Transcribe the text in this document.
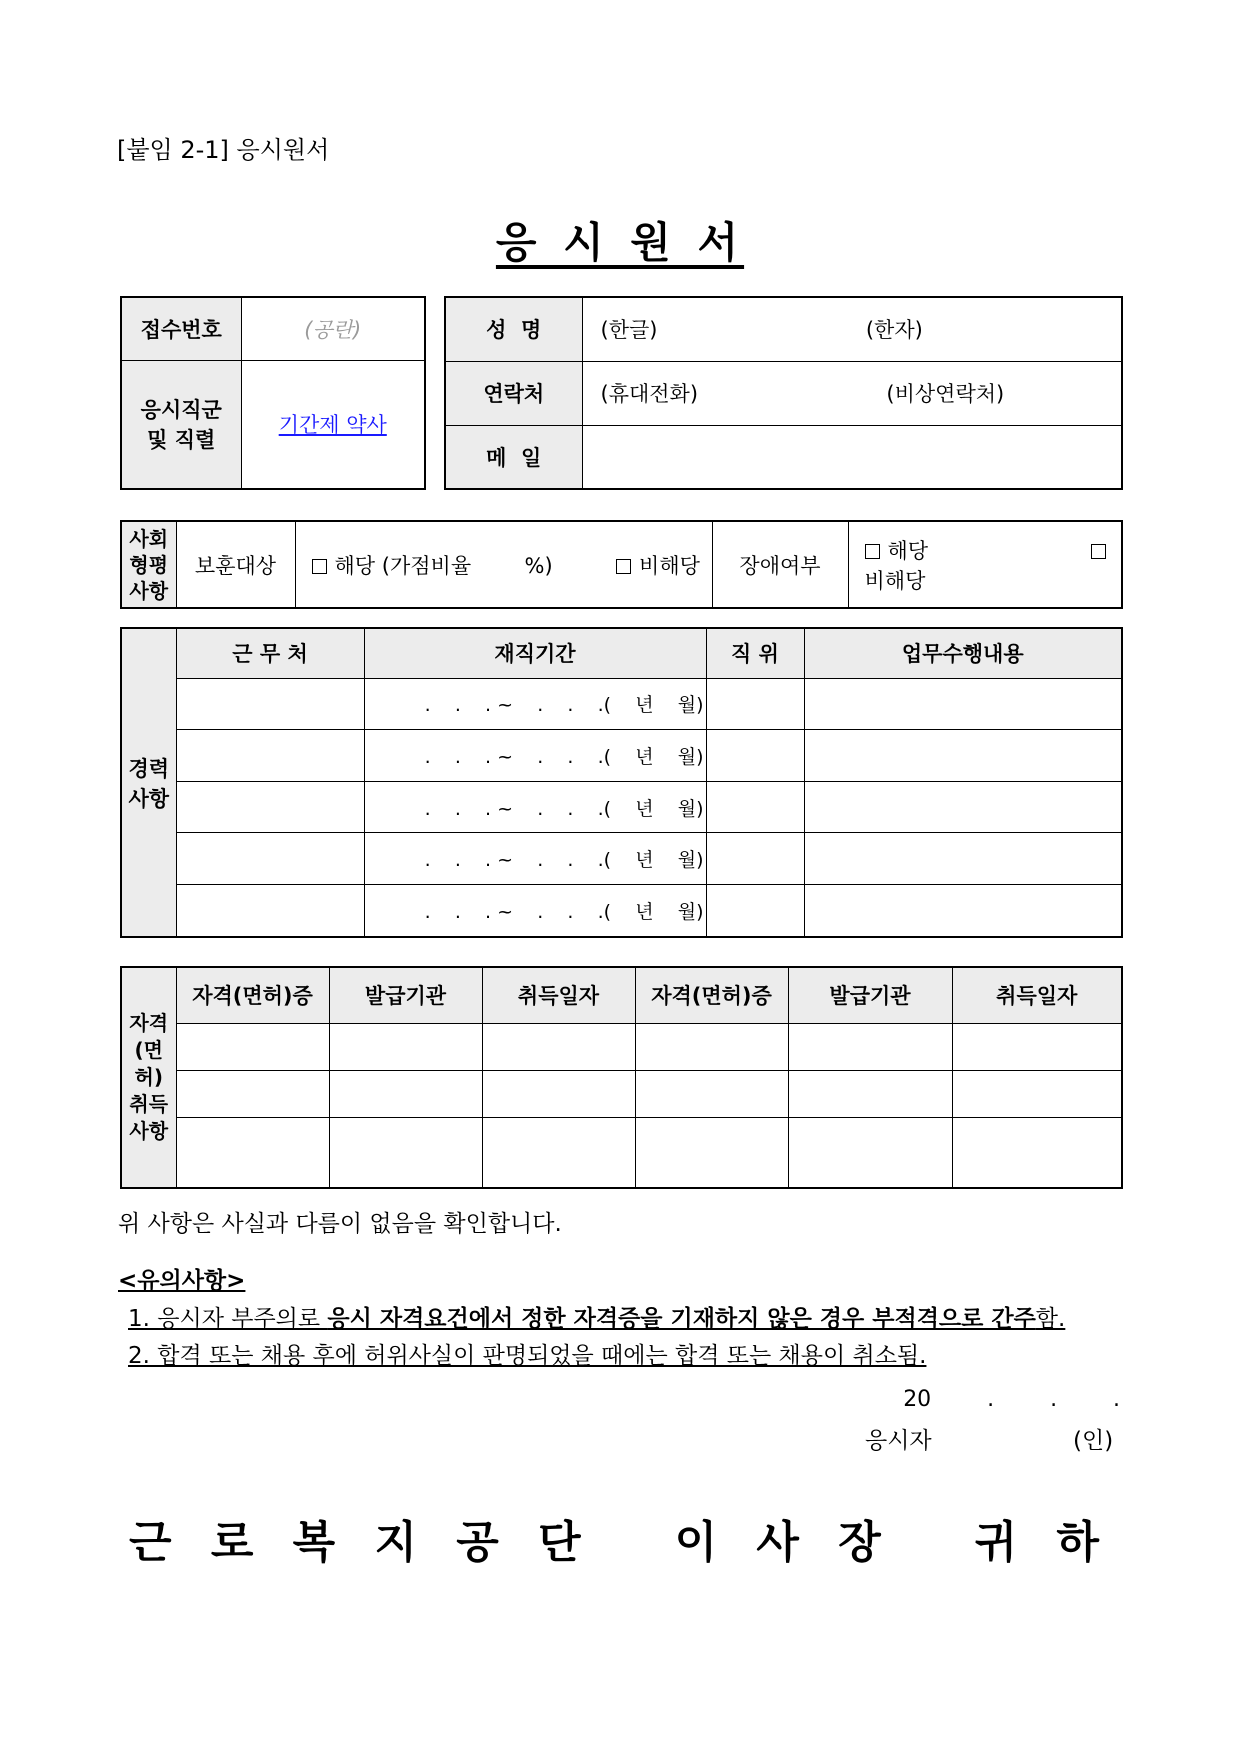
[붙임 2-1] 응시원서
응 시 원 서
접수번호	(공란)

응시직군
및 직렬	기간제 약사
성  명	(한글) (한자)
연락처	(휴대전화) (비상연락처)
메  일	
사회
형평
사항
	보훈대상	해당 (가점비율        %)	비해당	장애여부	해당  비해당
경력
사항	근 무 처	재직기간	직 위	업무수행내용
		.    .    . ~    .    .    .(    년    월)		
		.    .    . ~    .    .    .(    년    월)		
		.    .    . ~    .    .    .(    년    월)		
		.    .    . ~    .    .    .(    년    월)		
		.    .    . ~    .    .    .(    년    월)		
자격
(면허)
취득
사항	자격(면허)증	발급기관	취득일자	자격(면허)증	발급기관	취득일자

위 사항은 사실과 다름이 없음을 확인합니다.
<유의사항>
1. 응시자 부주의로 응시 자격요건에서 정한 자격증을 기재하지 않은 경우 부적격으로 간주함.
2. 합격 또는 채용 후에 허위사실이 판명되었을 때에는 합격 또는 채용이 취소됨.
20        .        .        .
응시자	(인)
근 로 복 지 공 단   이 사 장   귀 하
